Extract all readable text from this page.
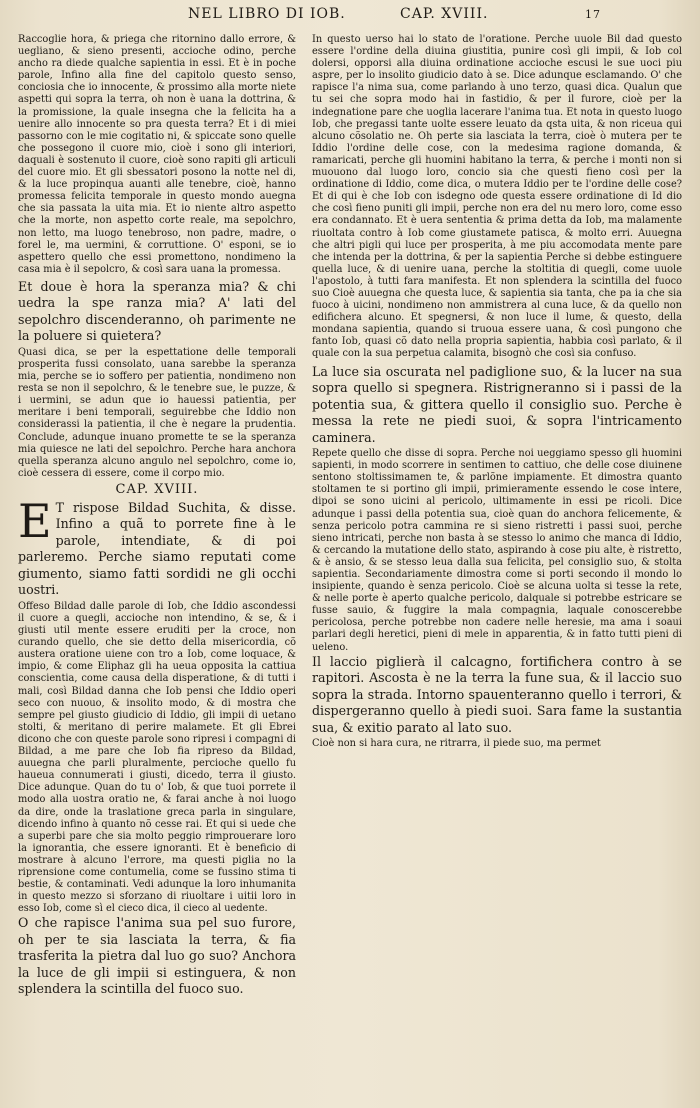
NEL LIBRO DI IOB.	CAP. XVIII.	17

Raccoglie hora, & priega che ritornino dallo errore, & uegliano, & sieno presenti, accioche odino, perche ancho ra diede qualche sapientia in essi. Et è in poche parole, Infino alla fine del capitolo questo senso, conciosia che io innocente, & prossimo alla morte niete aspetti qui sopra la terra, oh non è uana la dottrina, & la promissione, la quale insegna che la felicita ha a uenire allo innocente so pra questa terra? Et i di miei passorno con le mie cogitatio ni, & spiccate sono quelle che possegono il cuore mio, cioè i sono gli interiori, daquali è sostenuto il cuore, cioè sono rapiti gli articuli del cuore mio. Et gli sbessatori posono la notte nel di, & la luce propinqua auanti alle tenebre, cioè, hanno promessa felicita temporale in questo mondo auegna che sia passata la uita mia. Et io niente altro aspetto che la morte, non aspetto corte reale, ma sepolchro, non letto, ma luogo tenebroso, non padre, madre, o forel le, ma uermini, & corruttione. O' esponi, se io aspettero quello che essi promettono, nondimeno la casa mia è il sepolcro, & così sara uana la promessa.

Et doue è hora la speranza mia? & chi uedra la spe ranza mia? A' lati del sepolchro discenderanno, oh parimente ne la poluere si quietera?

Quasi dica, se per la espettatione delle temporali prosperita fussi consolato, uana sarebbe la speranza mia, perche se io soffero per patientia, nondimeno non resta se non il sepolchro, & le tenebre sue, le puzze, & i uermini, se adun que io hauessi patientia, per meritare i beni temporali, seguirebbe che Iddio non considerassi la patientia, il che è negare la prudentia. Conclude, adunque inuano promette te se la speranza mia quiesce ne lati del sepolchro. Perche hara anchora quella speranza alcuno angulo nel sepolchro, come io, cioè cessera di essere, come il corpo mio.

CAP. XVIII.

E T rispose Bildad Suchita, & disse. Infino a quã to porrete fine à le parole, intendiate, & di poi parleremo. Perche siamo reputati come giumento, siamo fatti sordidi ne gli occhi uostri.

Offeso Bildad dalle parole di Iob, che Iddio ascondessi il cuore a quegli, accioche non intendino, & se, & i giusti util mente essere eruditi per la croce, non curando quello, che sie detto della misericordia, cõ austera oratione uiene con tro a Iob, come loquace, & impio, & come Eliphaz gli ha ueua opposita la cattiua conscientia, come causa della disperatione, & di tutti i mali, così Bildad danna che Iob pensi che Iddio operi seco con nuouo, & insolito modo, & di mostra che sempre pel giusto giudicio di Iddio, gli impii di uetano stolti, & meritano di perire malamete. Et gli Ebrei dicono che con queste parole sono ripresi i compagni di Bildad, a me pare che Iob fia ripreso da Bildad, auuegna che parli pluralmente, percioche quello fu haueua connumerati i giusti, dicedo, terra il giusto. Dice adunque. Quan do tu o' Iob, & que tuoi porrete il modo alla uostra oratio ne, & farai anche à noi luogo da dire, onde la traslatione greca parla in singulare, dicendo infino à quanto nõ cesse rai. Et qui si uede che a superbi pare che sia molto peggio rimprouerare loro la ignorantia, che essere ignoranti. Et è beneficio di mostrare à alcuno l'errore, ma questi piglia no la riprensione come contumelia, come se fussino stima ti bestie, & contaminati. Vedi adunque la loro inhumanita in questo mezzo si sforzano di riuoltare i uitii loro in esso Iob, come sì el cieco dica, il cieco al uedente.

O che rapisce l'anima sua pel suo furore, oh per te sia lasciata la terra, & fia trasferita la pietra dal luo go suo? Anchora la luce de gli impii si estinguera, & non splendera la scintilla del fuoco suo.

In questo uerso hai lo stato de l'oratione. Perche uuole Bil dad questo essere l'ordine della diuina giustitia, punire così gli impii, & Iob col dolersi, opporsi alla diuina ordinatione accioche escusi le sue uoci piu aspre, per lo insolito giudicio dato à se. Dice adunque esclamando. O' che rapisce l'a nima sua, come parlando à uno terzo, quasi dica. Qualun que tu sei che sopra modo hai in fastidio, & per il furore, cioè per la indegnatione pare che uoglia lacerare l'anima tua. Et nota in questo luogo Iob, che pregassi tante uolte essere leuato da qsta uita, & non riceua qui alcuno cõsolatio ne. Oh perte sia lasciata la terra, cioè ò mutera per te Iddio l'ordine delle cose, con la medesima ragione domanda, & ramaricati, perche gli huomini habitano la terra, & perche i monti non si muouono dal luogo loro, concio sia che questi fieno così per la ordinatione di Iddio, come dica, o mutera Iddio per te l'ordine delle cose? Et di qui è che Iob con isdegno ode questa essere ordinatione di Id dio che così fieno puniti gli impii, perche non era del nu mero loro, come esso era condannato. Et è uera sententia & prima detta da Iob, ma malamente riuoltata contro à Iob come giustamete patisca, & molto erri. Auuegna che altri pigli qui luce per prosperita, à me piu accomodata mente pare che intenda per la dottrina, & per la sapientia Perche si debbe estinguere quella luce, & di uenire uana, perche la stoltitia di quegli, come uuole l'apostolo, à tutti fara manifesta. Et non splendera la scintilla del fuoco suo Cioè auuegna che questa luce, & sapientia sia tanta, che pa ia che sia fuoco à uicini, nondimeno non ammistrera al cuna luce, & da quello non edifichera alcuno. Et spegnersi, & non luce il lume, & questo, della mondana sapientia, quando si truoua essere uana, & così pungono che fanto Iob, quasi cõ dato nella propria sapientia, habbia così parlato, & il quale con la sua perpetua calamita, bisognò che così sia confuso.

La luce sia oscurata nel padiglione suo, & la lucer na sua sopra quello si spegnera. Ristrigneranno si i passi de la potentia sua, & gittera quello il consiglio suo. Perche è messa la rete ne piedi suoi, & sopra l'intricamento caminera.

Repete quello che disse di sopra. Perche noi ueggiamo spesso gli huomini sapienti, in modo scorrere in sentimen to cattiuo, che delle cose diuinene sentono stoltissimamen te, & parlõne impiamente. Et dimostra quanto stoltamen te si portino gli impii, primieramente essendo le cose intere, dipoi se sono uicini al pericolo, ultimamente in essi pe ricoli. Dice adunque i passi della potentia sua, cioè quan do anchora felicemente, & senza pericolo potra cammina re si sieno ristretti i passi suoi, perche sieno intricati, perche non basta à se stesso lo animo che manca di Iddio, & cercando la mutatione dello stato, aspirando à cose piu alte, è ristretto, & è ansio, & se stesso leua dalla sua felicita, pel consiglio suo, & stolta sapientia. Secondariamente dimostra come si porti secondo il mondo lo insipiente, quando è senza pericolo. Cioè se alcuna uolta si tesse la rete, & nelle porte è aperto qualche pericolo, dalquale si potrebbe estricare se fusse sauio, & fuggire la mala compagnia, laquale conoscerebbe pericolosa, perche potrebbe non cadere nelle heresie, ma ama i soaui parlari degli heretici, pieni di mele in apparentia, & in fatto tutti pieni di ueleno.

Il laccio piglierà il calcagno, fortifichera contro à se rapitori. Ascosta è ne la terra la fune sua, & il laccio suo sopra la strada. Intorno spauenteranno quello i terrori, & dispergeranno quello à piedi suoi. Sara fame la sustantia sua, & exitio parato al lato suo.

Cioè non si hara cura, ne ritrarra, il piede suo, ma permet
